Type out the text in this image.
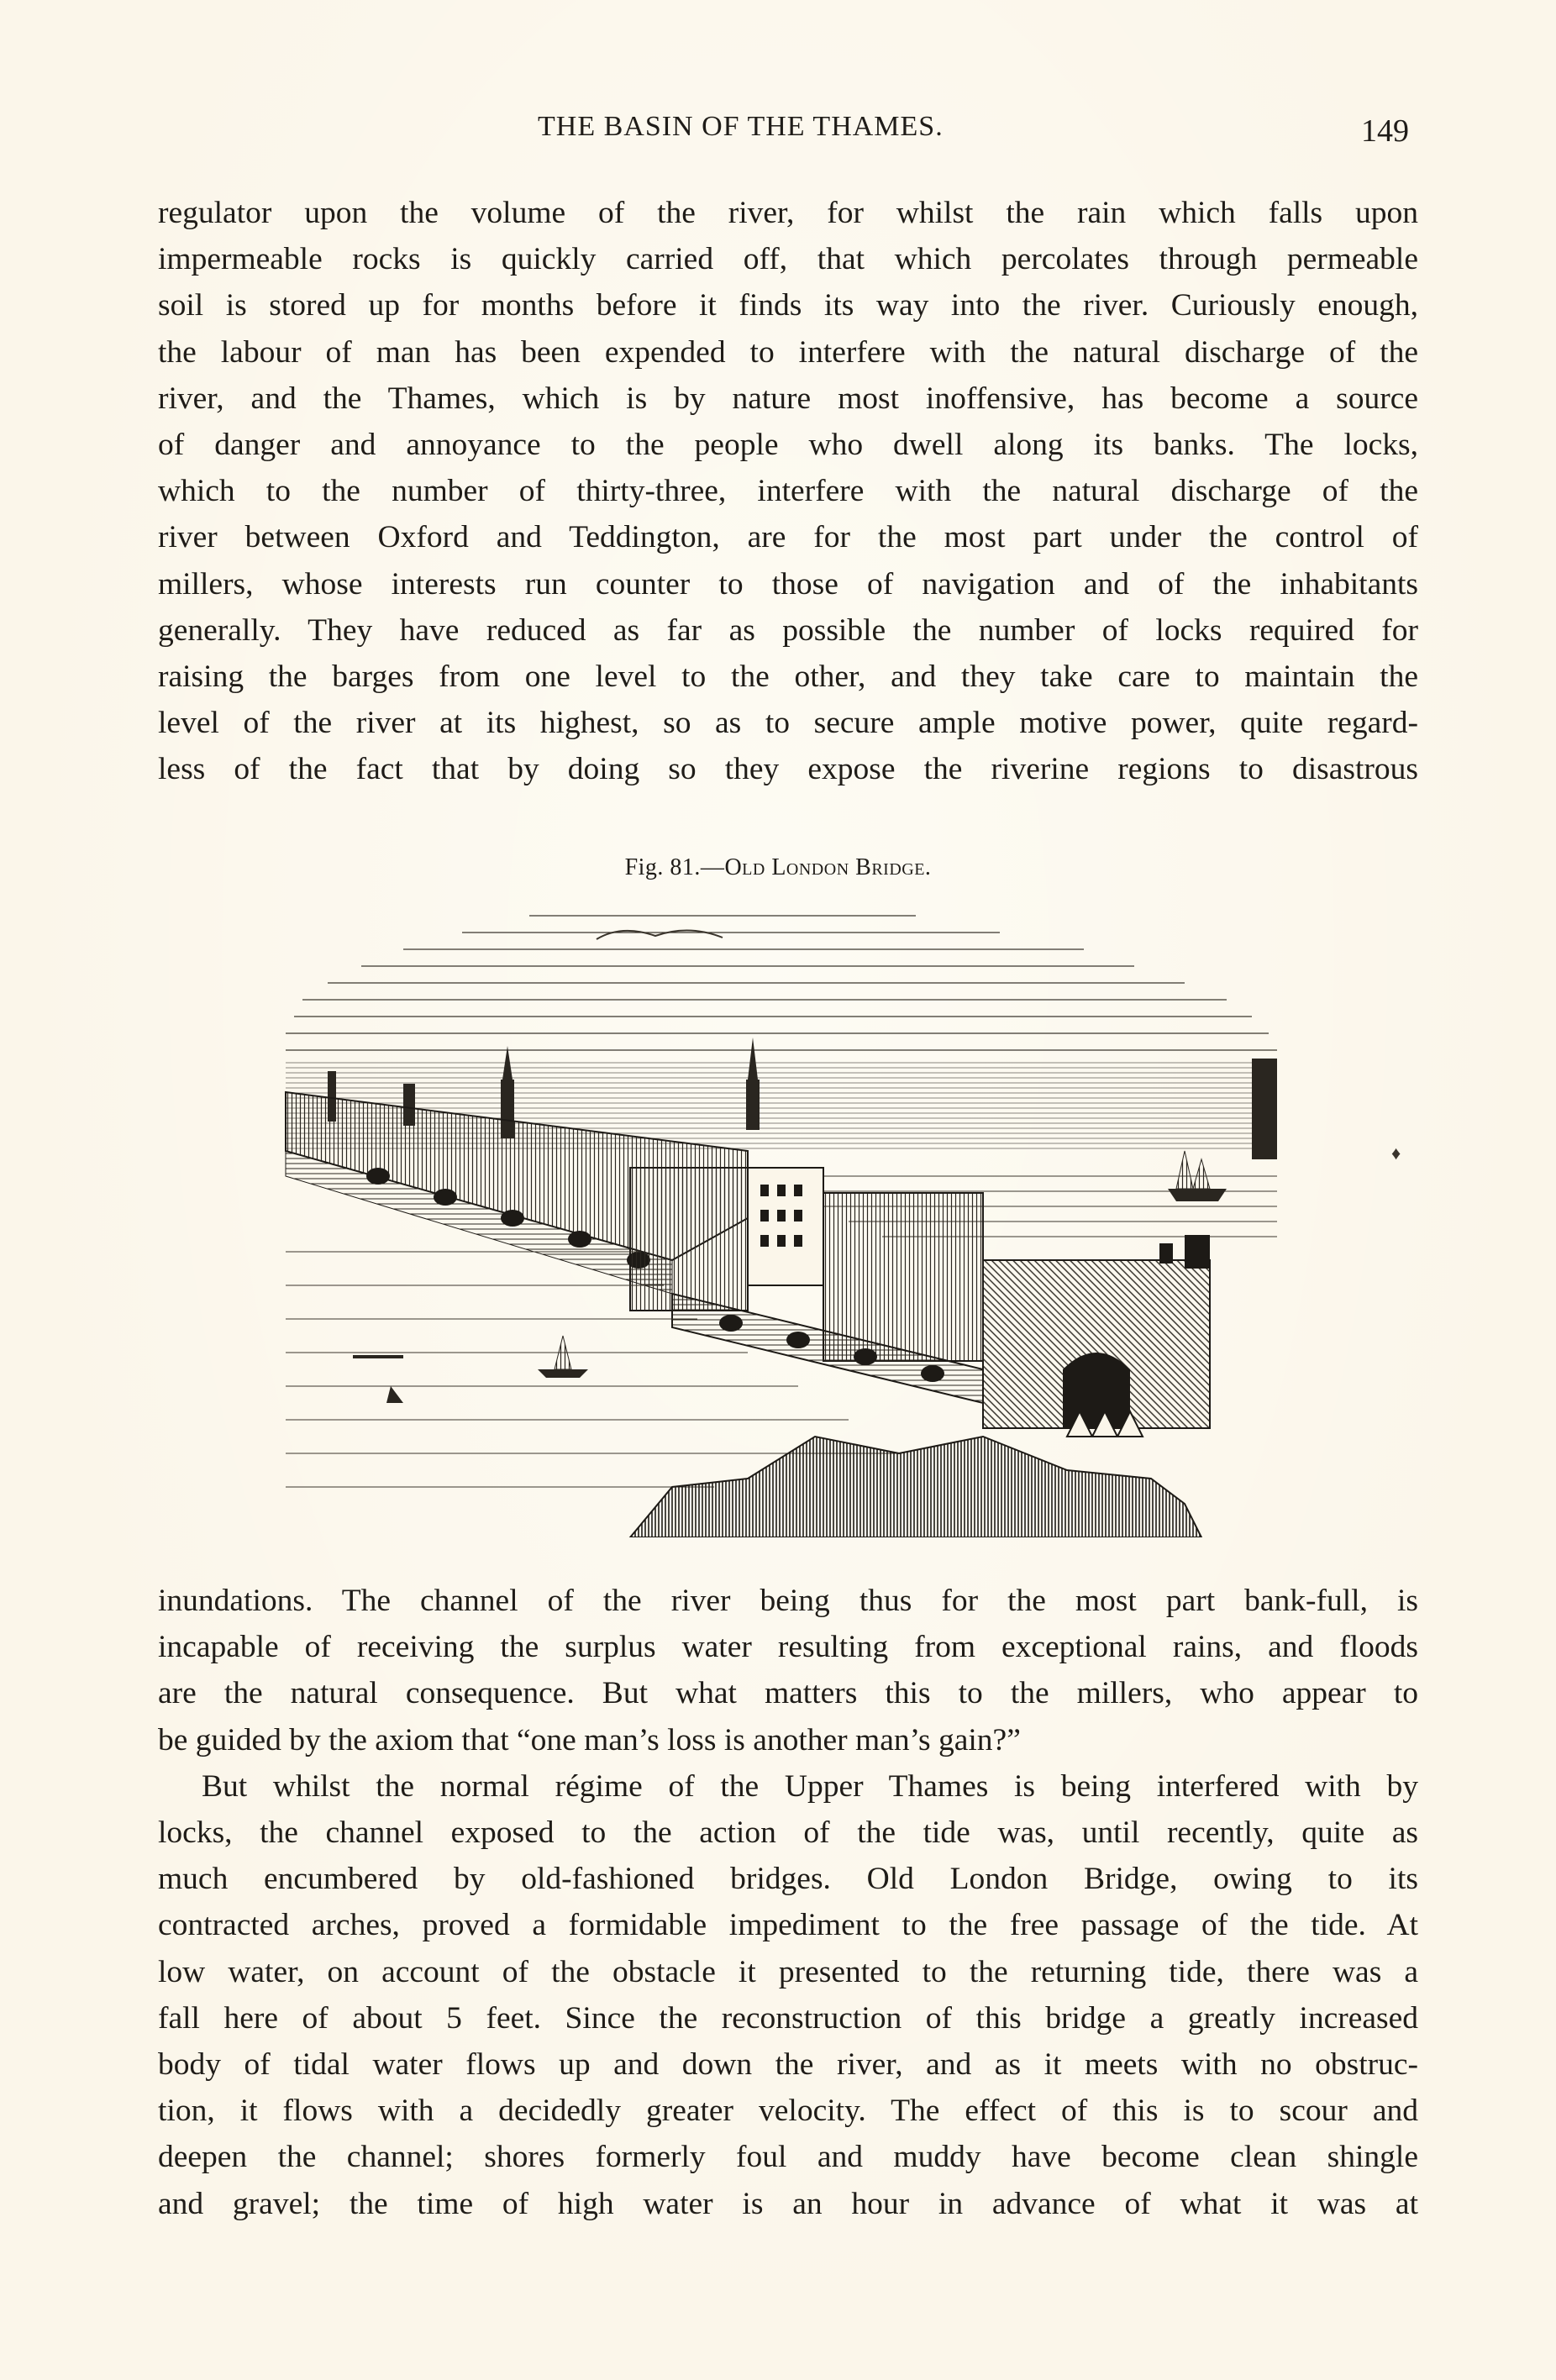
THE BASIN OF THE THAMES.	149
regulator upon the volume of the river, for whilst the rain which falls upon
impermeable rocks is quickly carried off, that which percolates through permeable
soil is stored up for months before it finds its way into the river. Curiously enough,
the labour of man has been expended to interfere with the natural discharge of the
river, and the Thames, which is by nature most inoffensive, has become a source
of danger and annoyance to the people who dwell along its banks. The locks,
which to the number of thirty-three, interfere with the natural discharge of the
river between Oxford and Teddington, are for the most part under the control of
millers, whose interests run counter to those of navigation and of the inhabitants
generally. They have reduced as far as possible the number of locks required for
raising the barges from one level to the other, and they take care to maintain the
level of the river at its highest, so as to secure ample motive power, quite regard-
less of the fact that by doing so they expose the riverine regions to disastrous
Fig. 81.—Old London Bridge.
♦
inundations. The channel of the river being thus for the most part bank-full, is
incapable of receiving the surplus water resulting from exceptional rains, and floods
are the natural consequence. But what matters this to the millers, who appear to
be guided by the axiom that “one man’s loss is another man’s gain?”
But whilst the normal régime of the Upper Thames is being interfered with by
locks, the channel exposed to the action of the tide was, until recently, quite as
much encumbered by old-fashioned bridges. Old London Bridge, owing to its
contracted arches, proved a formidable impediment to the free passage of the tide. At
low water, on account of the obstacle it presented to the returning tide, there was a
fall here of about 5 feet. Since the reconstruction of this bridge a greatly increased
body of tidal water flows up and down the river, and as it meets with no obstruc-
tion, it flows with a decidedly greater velocity. The effect of this is to scour and
deepen the channel; shores formerly foul and muddy have become clean shingle
and gravel; the time of high water is an hour in advance of what it was at
